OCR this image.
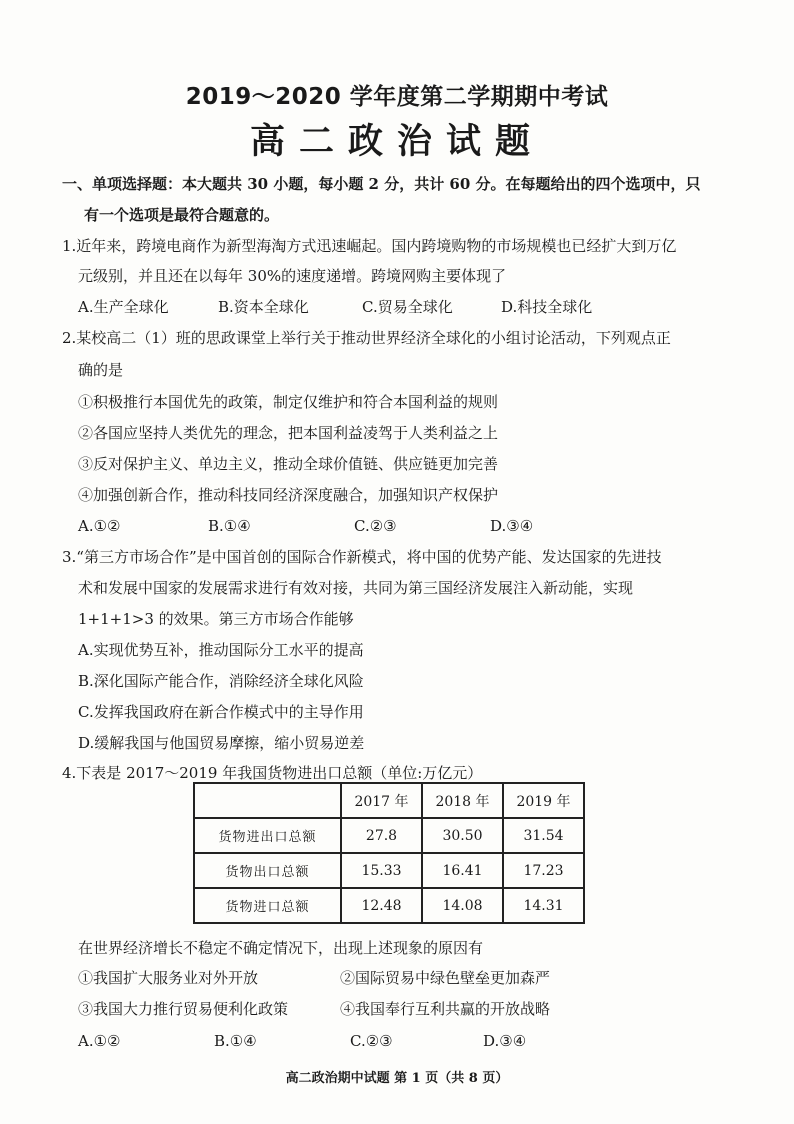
2019～2020 学年度第二学期期中考试
高二政治试题
一、单项选择题：本大题共 30 小题，每小题 2 分，共计 60 分。在每题给出的四个选项中，只
有一个选项是最符合题意的。
1.近年来，跨境电商作为新型海淘方式迅速崛起。国内跨境购物的市场规模也已经扩大到万亿
元级别，并且还在以每年 30%的速度递增。跨境网购主要体现了
A.生产全球化	B.资本全球化	C.贸易全球化	D.科技全球化
2.某校高二（1）班的思政课堂上举行关于推动世界经济全球化的小组讨论活动，下列观点正
确的是
①积极推行本国优先的政策，制定仅维护和符合本国利益的规则
②各国应坚持人类优先的理念，把本国利益凌驾于人类利益之上
③反对保护主义、单边主义，推动全球价值链、供应链更加完善
④加强创新合作，推动科技同经济深度融合，加强知识产权保护
A.①②	B.①④	C.②③	D.③④
3.“第三方市场合作”是中国首创的国际合作新模式，将中国的优势产能、发达国家的先进技
术和发展中国家的发展需求进行有效对接，共同为第三国经济发展注入新动能，实现
1+1+1>3 的效果。第三方市场合作能够
A.实现优势互补，推动国际分工水平的提高
B.深化国际产能合作，消除经济全球化风险
C.发挥我国政府在新合作模式中的主导作用
D.缓解我国与他国贸易摩擦，缩小贸易逆差
4.下表是 2017～2019 年我国货物进出口总额（单位:万亿元）
	2017 年	2018 年	2019 年
货物进出口总额	27.8	30.50	31.54
货物出口总额	15.33	16.41	17.23
货物进口总额	12.48	14.08	14.31
在世界经济增长不稳定不确定情况下，出现上述现象的原因有
①我国扩大服务业对外开放	②国际贸易中绿色壁垒更加森严
③我国大力推行贸易便利化政策	④我国奉行互利共赢的开放战略
A.①②	B.①④	C.②③	D.③④
高二政治期中试题 第 1 页（共 8 页）
